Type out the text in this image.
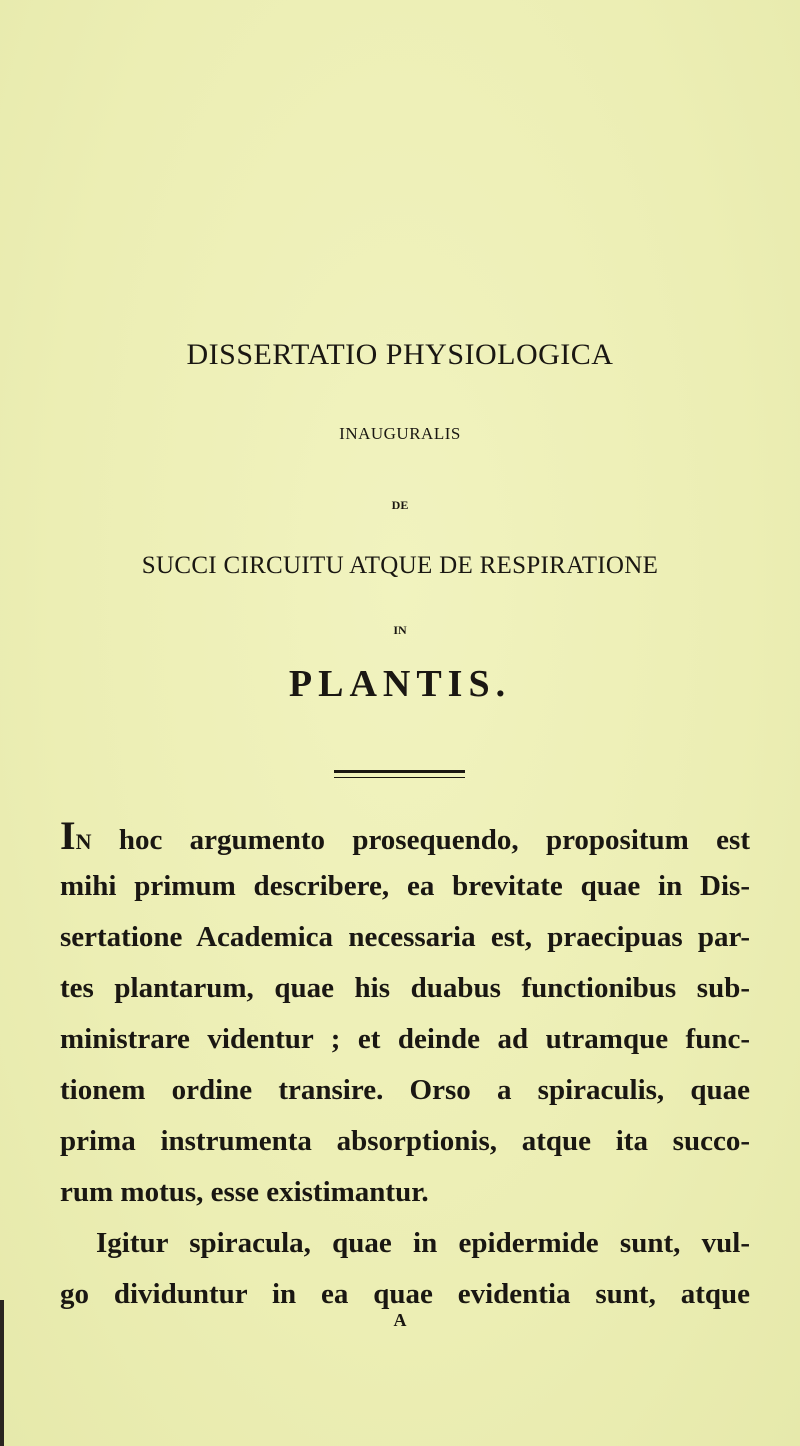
DISSERTATIO PHYSIOLOGICA
INAUGURALIS
DE
SUCCI CIRCUITU ATQUE DE RESPIRATIONE
IN
PLANTIS.
IN hoc argumento prosequendo, propositum est
mihi primum describere, ea brevitate quae in Dis-
sertatione Academica necessaria est, praecipuas par-
tes plantarum, quae his duabus functionibus sub-
ministrare videntur ; et deinde ad utramque func-
tionem ordine transire. Orso a spiraculis, quae
prima instrumenta absorptionis, atque ita succo-
rum motus, esse existimantur.
Igitur spiracula, quae in epidermide sunt, vul-
go dividuntur in ea quae evidentia sunt, atque
A
